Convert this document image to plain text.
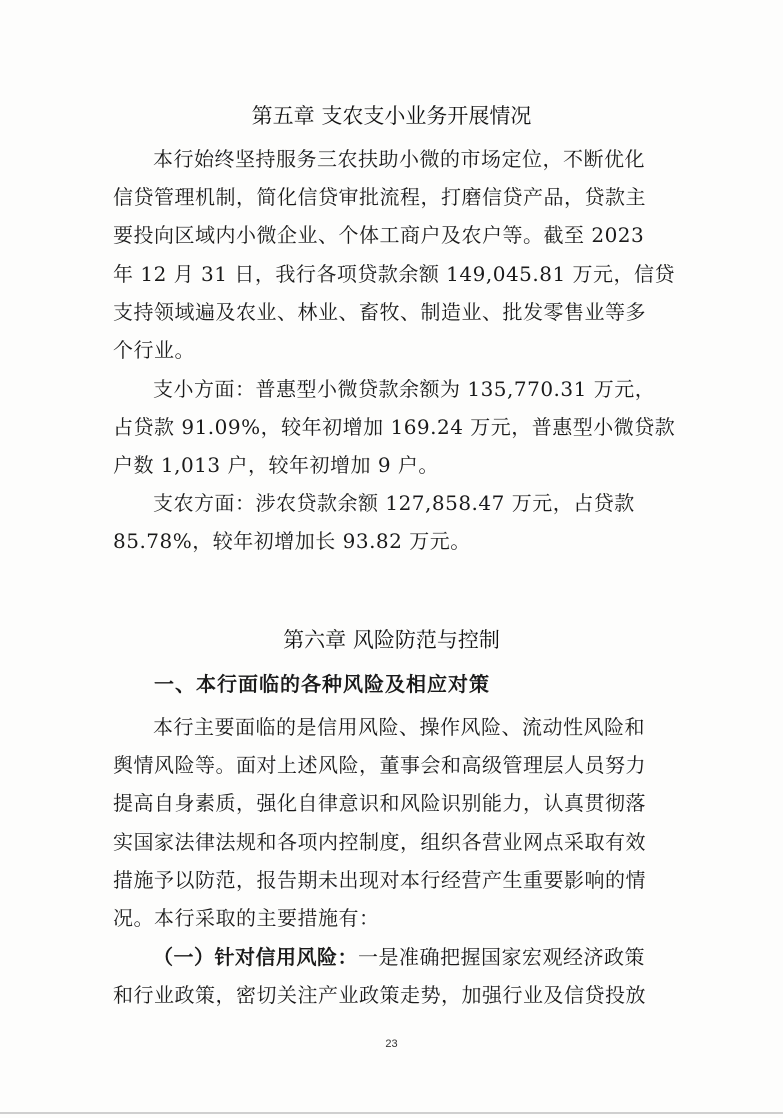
第五章 支农支小业务开展情况
本行始终坚持服务三农扶助小微的市场定位，不断优化
信贷管理机制，简化信贷审批流程，打磨信贷产品，贷款主
要投向区域内小微企业、个体工商户及农户等。截至 2023
年 12 月 31 日，我行各项贷款余额 149,045.81 万元，信贷
支持领域遍及农业、林业、畜牧、制造业、批发零售业等多
个行业。
支小方面：普惠型小微贷款余额为 135,770.31 万元，
占贷款 91.09%，较年初增加 169.24 万元，普惠型小微贷款
户数 1,013 户，较年初增加 9 户。
支农方面：涉农贷款余额 127,858.47 万元，占贷款
85.78%，较年初增加长 93.82 万元。
第六章 风险防范与控制
一、本行面临的各种风险及相应对策
本行主要面临的是信用风险、操作风险、流动性风险和
舆情风险等。面对上述风险，董事会和高级管理层人员努力
提高自身素质，强化自律意识和风险识别能力，认真贯彻落
实国家法律法规和各项内控制度，组织各营业网点采取有效
措施予以防范，报告期未出现对本行经营产生重要影响的情
况。本行采取的主要措施有：
（一）针对信用风险：一是准确把握国家宏观经济政策
和行业政策，密切关注产业政策走势，加强行业及信贷投放
23
